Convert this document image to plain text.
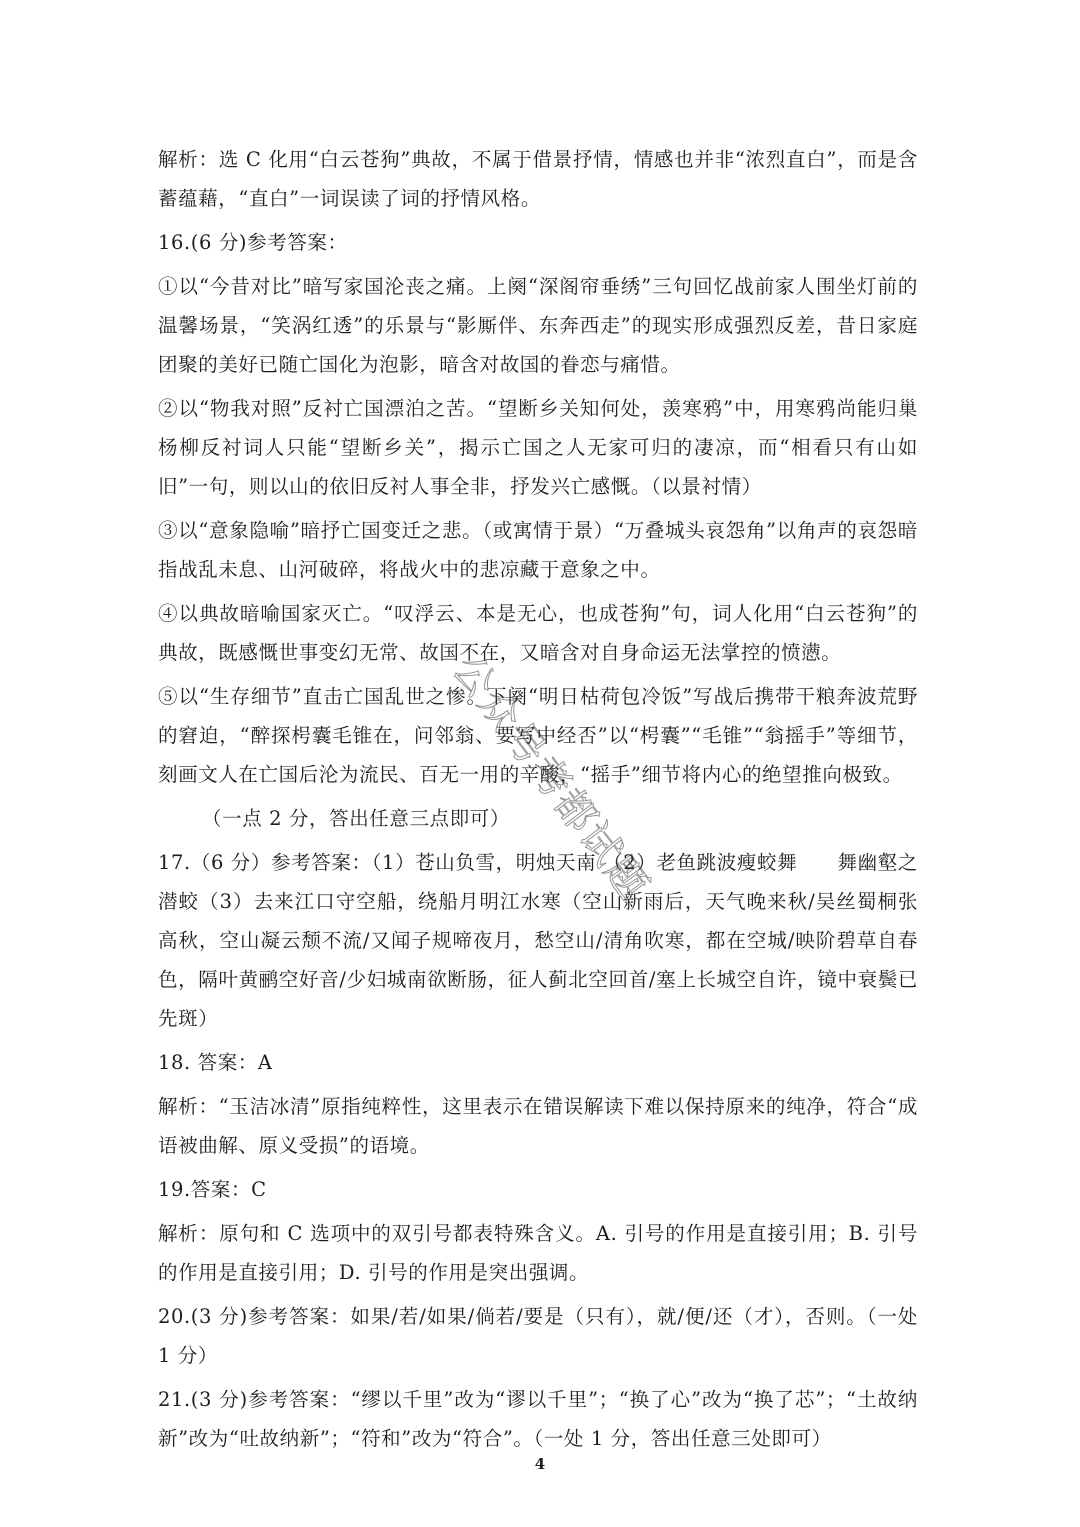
解析：选 C 化用“白云苍狗”典故，不属于借景抒情，情感也并非“浓烈直白”，而是含蓄蕴藉，“直白”一词误读了词的抒情风格。

16.(6 分)参考答案：

①以“今昔对比”暗写家国沦丧之痛。上阕“深阁帘垂绣”三句回忆战前家人围坐灯前的温馨场景，“笑涡红透”的乐景与“影厮伴、东奔西走”的现实形成强烈反差，昔日家庭团聚的美好已随亡国化为泡影，暗含对故国的眷恋与痛惜。

②以“物我对照”反衬亡国漂泊之苦。“望断乡关知何处，羡寒鸦”中，用寒鸦尚能归巢杨柳反衬词人只能“望断乡关”，揭示亡国之人无家可归的凄凉，而“相看只有山如旧”一句，则以山的依旧反衬人事全非，抒发兴亡感慨。（以景衬情）

③以“意象隐喻”暗抒亡国变迁之悲。（或寓情于景）“万叠城头哀怨角”以角声的哀怨暗指战乱未息、山河破碎，将战火中的悲凉藏于意象之中。

④以典故暗喻国家灭亡。“叹浮云、本是无心，也成苍狗”句，词人化用“白云苍狗”的典故，既感慨世事变幻无常、故国不在，又暗含对自身命运无法掌控的愤懑。

⑤以“生存细节”直击亡国乱世之惨。下阕“明日枯荷包冷饭”写战后携带干粮奔波荒野的窘迫，“醉探枵囊毛锥在，问邻翁、要写中经否”以“枵囊”“毛锥”“翁摇手”等细节，刻画文人在亡国后沦为流民、百无一用的辛酸，“摇手”细节将内心的绝望推向极致。

（一点 2 分，答出任意三点即可）

17.（6 分）参考答案：（1）苍山负雪，明烛天南 （2）老鱼跳波瘦蛟舞　　舞幽壑之潜蛟（3）去来江口守空船，绕船月明江水寒（空山新雨后，天气晚来秋/吴丝蜀桐张高秋，空山凝云颓不流/又闻子规啼夜月，愁空山/清角吹寒，都在空城/映阶碧草自春色，隔叶黄鹂空好音/少妇城南欲断肠，征人蓟北空回首/塞上长城空自许，镜中衰鬓已先斑）

18. 答案：A

解析：“玉洁冰清”原指纯粹性，这里表示在错误解读下难以保持原来的纯净，符合“成语被曲解、原义受损”的语境。

19.答案：C

解析：原句和 C 选项中的双引号都表特殊含义。A. 引号的作用是直接引用；B. 引号的作用是直接引用；D. 引号的作用是突出强调。

20.(3 分)参考答案：如果/若/如果/倘若/要是（只有），就/便/还（才），否则。（一处 1 分）

21.(3 分)参考答案：“缪以千里”改为“谬以千里”；“换了心”改为“换了芯”；“土故纳新”改为“吐故纳新”；“符和”改为“符合”。（一处 1 分，答出任意三处即可）

公众号考都试题
4
